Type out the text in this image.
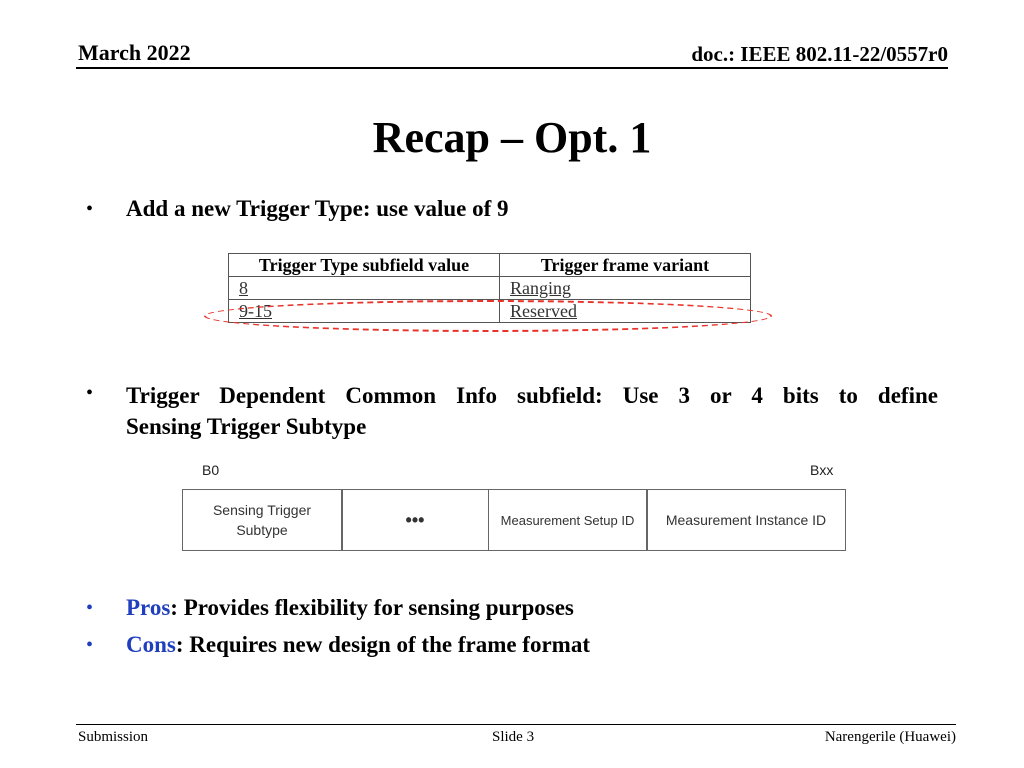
March 2022	doc.: IEEE 802.11-22/0557r0
Recap – Opt. 1
• Add a new Trigger Type: use value of 9
Trigger Type subfield value	Trigger frame variant
8	Ranging
9-15	Reserved
• Trigger Dependent Common Info subfield: Use 3 or 4 bits to define
Sensing Trigger Subtype
B0	Bxx
Sensing Trigger Subtype
•••	Measurement Setup ID	Measurement Instance ID
• Pros: Provides flexibility for sensing purposes
• Cons: Requires new design of the frame format
Submission	Slide 3	Narengerile (Huawei)
